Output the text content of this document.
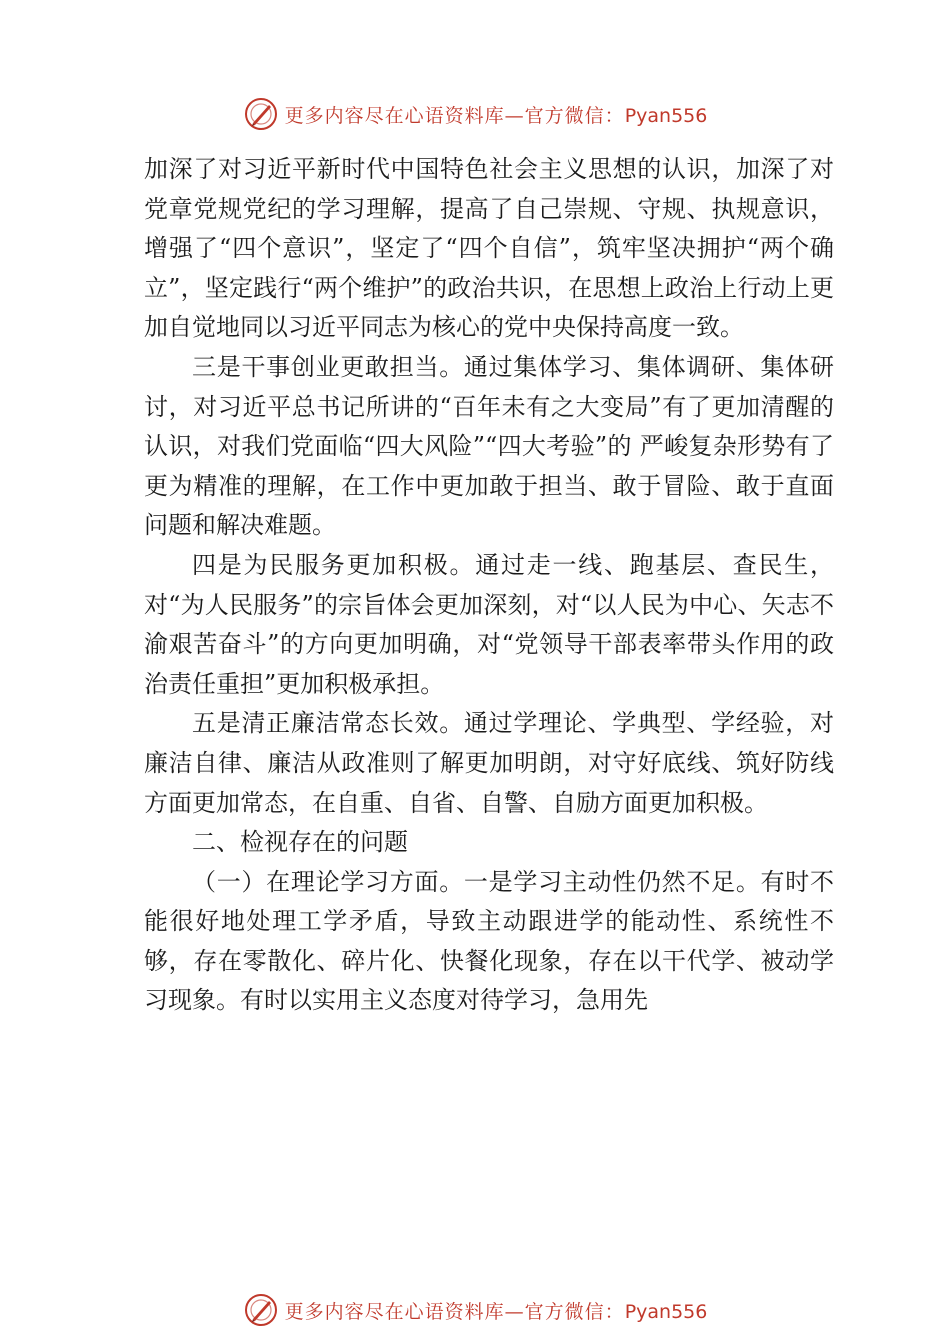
更多内容尽在心语资料库—官方微信：Pyan556

加深了对习近平新时代中国特色社会主义思想的认识，加深了对党章党规党纪的学习理解，提高了自己崇规、守规、执规意识，增强了“四个意识”，坚定了“四个自信”，筑牢坚决拥护“两个确立”，坚定践行“两个维护”的政治共识，在思想上政治上行动上更加自觉地同以习近平同志为核心的党中央保持高度一致。

三是干事创业更敢担当。通过集体学习、集体调研、集体研讨，对习近平总书记所讲的“百年未有之大变局”有了更加清醒的认识，对我们党面临“四大风险”“四大考验”的 严峻复杂形势有了更为精准的理解，在工作中更加敢于担当、敢于冒险、敢于直面问题和解决难题。

四是为民服务更加积极。通过走一线、跑基层、查民生，对“为人民服务”的宗旨体会更加深刻，对“以人民为中心、矢志不渝艰苦奋斗”的方向更加明确，对“党领导干部表率带头作用的政治责任重担”更加积极承担。

五是清正廉洁常态长效。通过学理论、学典型、学经验，对廉洁自律、廉洁从政准则了解更加明朗，对守好底线、筑好防线方面更加常态，在自重、自省、自警、自励方面更加积极。

二、检视存在的问题

（一）在理论学习方面。一是学习主动性仍然不足。有时不能很好地处理工学矛盾，导致主动跟进学的能动性、系统性不够，存在零散化、碎片化、快餐化现象，存在以干代学、被动学习现象。有时以实用主义态度对待学习，急用先

更多内容尽在心语资料库—官方微信：Pyan556
